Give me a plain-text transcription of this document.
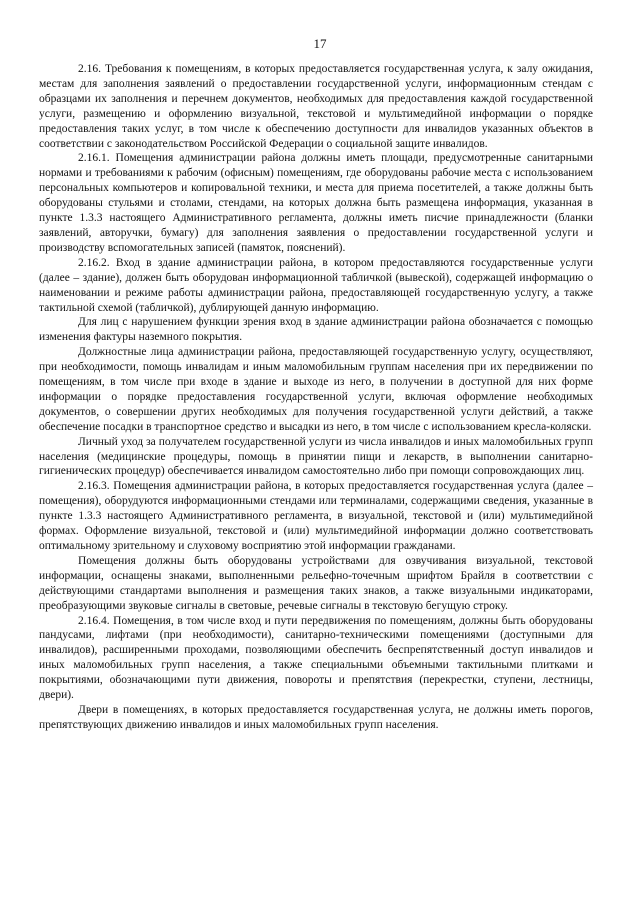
17

2.16. Требования к помещениям, в которых предоставляется государственная услуга, к залу ожидания, местам для заполнения заявлений о предоставлении государственной услуги, информационным стендам с образцами их заполнения и перечнем документов, необходимых для предоставления каждой государственной услуги, размещению и оформлению визуальной, текстовой и мультимедийной информации о порядке предоставления таких услуг, в том числе к обеспечению доступности для инвалидов указанных объектов в соответствии с законодательством Российской Федерации о социальной защите инвалидов.

2.16.1. Помещения администрации района должны иметь площади, предусмотренные санитарными нормами и требованиями к рабочим (офисным) помещениям, где оборудованы рабочие места с использованием персональных компьютеров и копировальной техники, и места для приема посетителей, а также должны быть оборудованы стульями и столами, стендами, на которых должна быть размещена информация, указанная в пункте 1.3.3 настоящего Административного регламента, должны иметь писчие принадлежности (бланки заявлений, авторучки, бумагу) для заполнения заявления о предоставлении государственной услуги и производству вспомогательных записей (памяток, пояснений).

2.16.2. Вход в здание администрации района, в котором предоставляются государственные услуги (далее – здание), должен быть оборудован информационной табличкой (вывеской), содержащей информацию о наименовании и режиме работы администрации района, предоставляющей государственную услугу, а также тактильной схемой (табличкой), дублирующей данную информацию.

Для лиц с нарушением функции зрения вход в здание администрации района обозначается с помощью изменения фактуры наземного покрытия.

Должностные лица администрации района, предоставляющей государственную услугу, осуществляют, при необходимости, помощь инвалидам и иным маломобильным группам населения при их передвижении по помещениям, в том числе при входе в здание и выходе из него, в получении в доступной для них форме информации о порядке предоставления государственной услуги, включая оформление необходимых документов, о совершении других необходимых для получения государственной услуги действий, а также обеспечение посадки в транспортное средство и высадки из него, в том числе с использованием кресла-коляски.

Личный уход за получателем государственной услуги из числа инвалидов и иных маломобильных групп населения (медицинские процедуры, помощь в принятии пищи и лекарств, в выполнении санитарно-гигиенических процедур) обеспечивается инвалидом самостоятельно либо при помощи сопровождающих лиц.

2.16.3. Помещения администрации района, в которых предоставляется государственная услуга (далее – помещения), оборудуются информационными стендами или терминалами, содержащими сведения, указанные в пункте 1.3.3 настоящего Административного регламента, в визуальной, текстовой и (или) мультимедийной формах. Оформление визуальной, текстовой и (или) мультимедийной информации должно соответствовать оптимальному зрительному и слуховому восприятию этой информации гражданами.

Помещения должны быть оборудованы устройствами для озвучивания визуальной, текстовой информации, оснащены знаками, выполненными рельефно-точечным шрифтом Брайля в соответствии с действующими стандартами выполнения и размещения таких знаков, а также визуальными индикаторами, преобразующими звуковые сигналы в световые, речевые сигналы в текстовую бегущую строку.

2.16.4. Помещения, в том числе вход и пути передвижения по помещениям, должны быть оборудованы пандусами, лифтами (при необходимости), санитарно-техническими помещениями (доступными для инвалидов), расширенными проходами, позволяющими обеспечить беспрепятственный доступ инвалидов и иных маломобильных групп населения, а также специальными объемными тактильными плитками и покрытиями, обозначающими пути движения, повороты и препятствия (перекрестки, ступени, лестницы, двери).

Двери в помещениях, в которых предоставляется государственная услуга, не должны иметь порогов, препятствующих движению инвалидов и иных маломобильных групп населения.
